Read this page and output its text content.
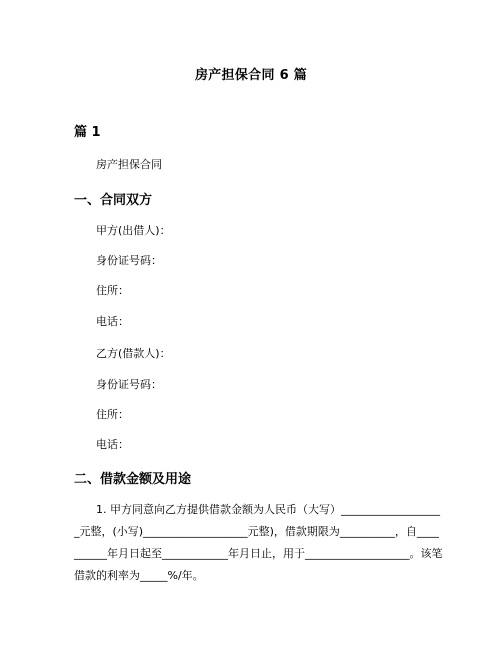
房产担保合同 6 篇
篇 1
房产担保合同
一、合同双方
甲方(出借人)：
身份证号码：
住所：
电话：
乙方(借款人)：
身份证号码：
住所：
电话：
二、借款金额及用途
1. 甲方同意向乙方提供借款金额为人民币（大写）___________________元整，(小写)___________________元整)，借款期限为__________，自__________年月日起至____________年月日止，用于___________________。该笔借款的利率为_____%/年。
